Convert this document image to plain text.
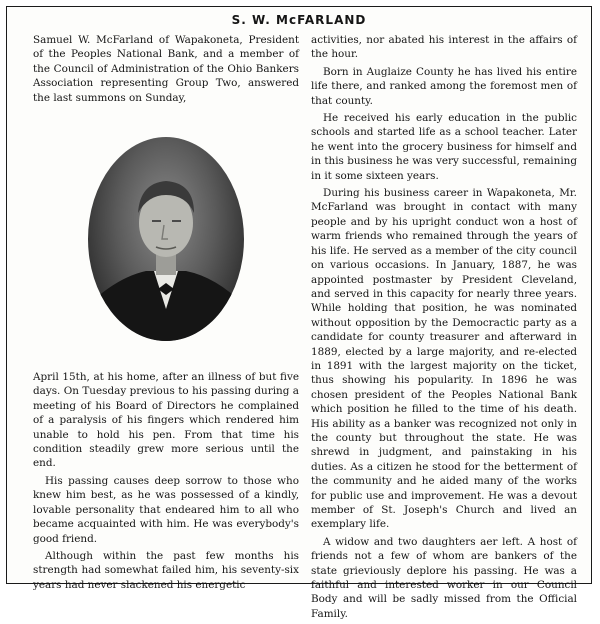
S. W. McFARLAND

Samuel W. McFarland of Wapakoneta, President of the Peoples National Bank, and a member of the Council of Administration of the Ohio Bankers Association representing Group Two, answered the last summons on Sunday,

April 15th, at his home, after an illness of but five days. On Tuesday previous to his passing during a meeting of his Board of Directors he complained of a paralysis of his fingers which rendered him unable to hold his pen. From that time his condition steadily grew more serious until the end.

His passing causes deep sorrow to those who knew him best, as he was possessed of a kindly, lovable personality that endeared him to all who became acquainted with him. He was everybody's good friend.

Although within the past few months his strength had somewhat failed him, his seventy-six years had never slackened his energetic

activities, nor abated his interest in the affairs of the hour.

Born in Auglaize County he has lived his entire life there, and ranked among the foremost men of that county.

He received his early education in the public schools and started life as a school teacher. Later he went into the grocery business for himself and in this business he was very successful, remaining in it some sixteen years.

During his business career in Wapakoneta, Mr. McFarland was brought in contact with many people and by his upright conduct won a host of warm friends who remained through the years of his life. He served as a member of the city council on various occasions. In January, 1887, he was appointed postmaster by President Cleveland, and served in this capacity for nearly three years. While holding that position, he was nominated without opposition by the Democractic party as a candidate for county treasurer and afterward in 1889, elected by a large majority, and re-elected in 1891 with the largest majority on the ticket, thus showing his popularity. In 1896 he was chosen president of the Peoples National Bank which position he filled to the time of his death. His ability as a banker was recognized not only in the county but throughout the state. He was shrewd in judgment, and painstaking in his duties. As a citizen he stood for the betterment of the community and he aided many of the works for public use and improvement. He was a devout member of St. Joseph's Church and lived an exemplary life.

A widow and two daughters aer left. A host of friends not a few of whom are bankers of the state grieviously deplore his passing. He was a faithful and interested worker in our Council Body and will be sadly missed from the Official Family.
